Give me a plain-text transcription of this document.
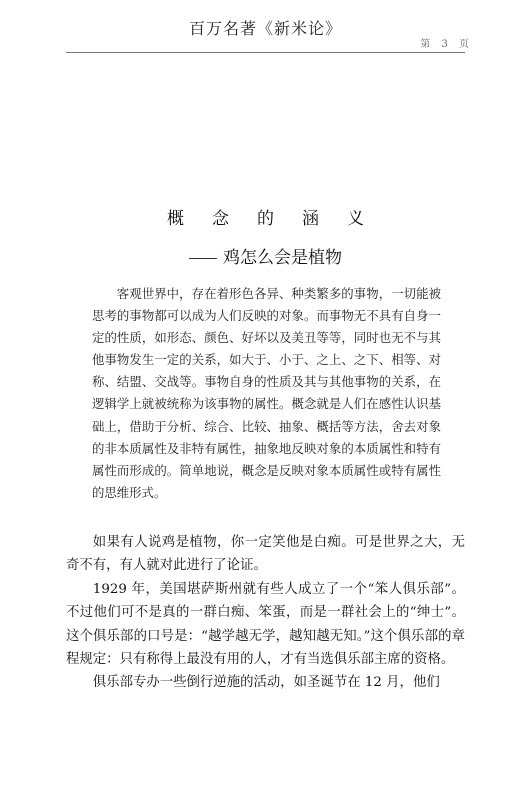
百万名著《新米论》
第 3 页
概念的涵义
鸡怎么会是植物

客观世界中，存在着形色各异、种类繁多的事物，一切能被思考的事物都可以成为人们反映的对象。而事物无不具有自身一定的性质，如形态、颜色、好坏以及美丑等等，同时也无不与其他事物发生一定的关系，如大于、小于、之上、之下、相等、对称、结盟、交战等。事物自身的性质及其与其他事物的关系，在逻辑学上就被统称为该事物的属性。概念就是人们在感性认识基础上，借助于分析、综合、比较、抽象、概括等方法，舍去对象的非本质属性及非特有属性，抽象地反映对象的本质属性和特有属性而形成的。简单地说，概念是反映对象本质属性或特有属性的思维形式。

如果有人说鸡是植物，你一定笑他是白痴。可是世界之大，无奇不有，有人就对此进行了论证。

1929 年，美国堪萨斯州就有些人成立了一个“笨人俱乐部”。不过他们可不是真的一群白痴、笨蛋，而是一群社会上的“绅士”。这个俱乐部的口号是：“越学越无学，越知越无知。”这个俱乐部的章程规定：只有称得上最没有用的人，才有当选俱乐部主席的资格。

俱乐部专办一些倒行逆施的活动，如圣诞节在 12 月，他们
